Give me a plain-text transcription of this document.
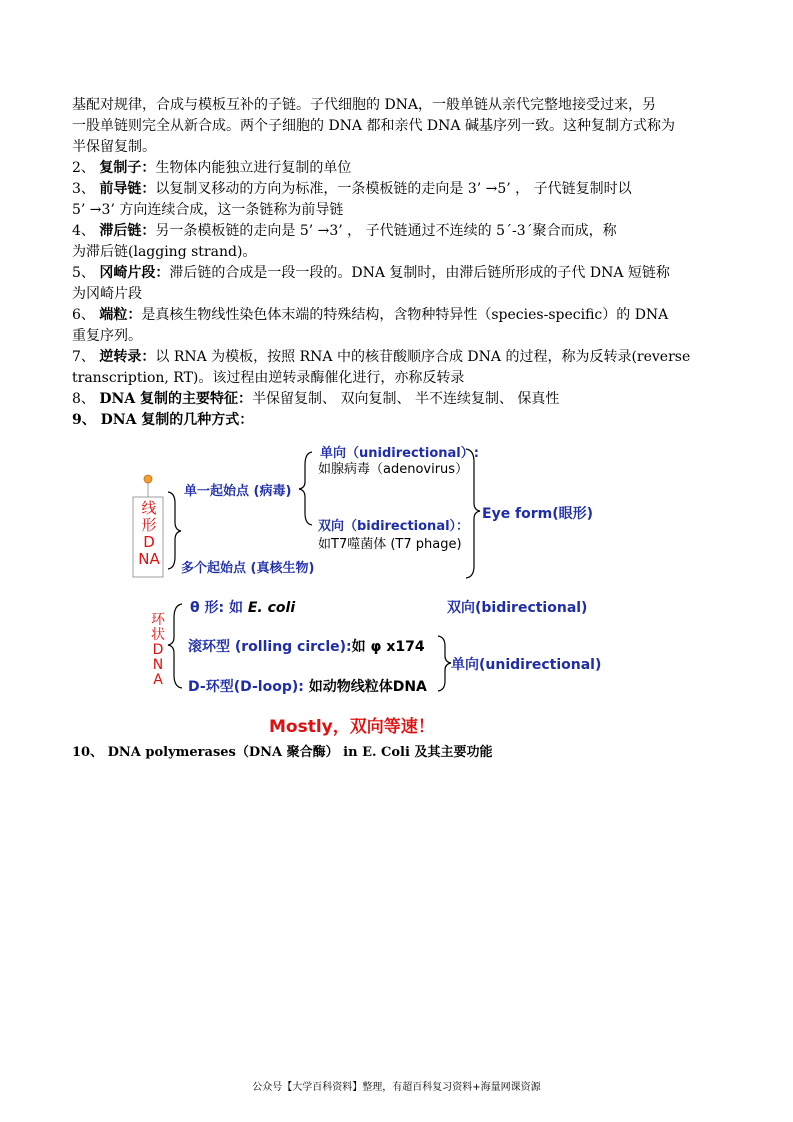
基配对规律，合成与模板互补的子链。子代细胞的 DNA，一般单链从亲代完整地接受过来，另
一股单链则完全从新合成。两个子细胞的 DNA 都和亲代 DNA 碱基序列一致。这种复制方式称为
半保留复制。
2、 复制子：生物体内能独立进行复制的单位
3、 前导链：以复制叉移动的方向为标准，一条模板链的走向是 3’ →5’ ， 子代链复制时以
5’ →3’ 方向连续合成，这一条链称为前导链
4、 滞后链：另一条模板链的走向是 5’ →3’ ， 子代链通过不连续的 5´-3´聚合而成，称
为滞后链(lagging strand)。
5、 冈崎片段：滞后链的合成是一段一段的。DNA 复制时，由滞后链所形成的子代 DNA 短链称
为冈崎片段
6、 端粒：是真核生物线性染色体末端的特殊结构，含物种特异性（species-specific）的 DNA
重复序列。
7、 逆转录：以 RNA 为模板，按照 RNA 中的核苷酸顺序合成 DNA 的过程，称为反转录(reverse
transcription, RT)。该过程由逆转录酶催化进行，亦称反转录
8、 DNA 复制的主要特征：半保留复制、 双向复制、 半不连续复制、 保真性
9、 DNA 复制的几种方式：
线形DNA
单一起始点 (病毒)
多个起始点 (真核生物)
单向（unidirectional）:
如腺病毒（adenovirus）
双向（bidirectional）：
如T7噬菌体 (T7 phage)
Eye form(眼形)
环状DNA
θ 形: 如 E. coli	双向(bidirectional)
滚环型 (rolling circle):如 φ x174
单向(unidirectional)
D-环型(D-loop): 如动物线粒体DNA
Mostly，双向等速！
10、 DNA polymerases（DNA 聚合酶） in E. Coli 及其主要功能
公众号【大学百科资料】整理，有超百科复习资料+海量网课资源
